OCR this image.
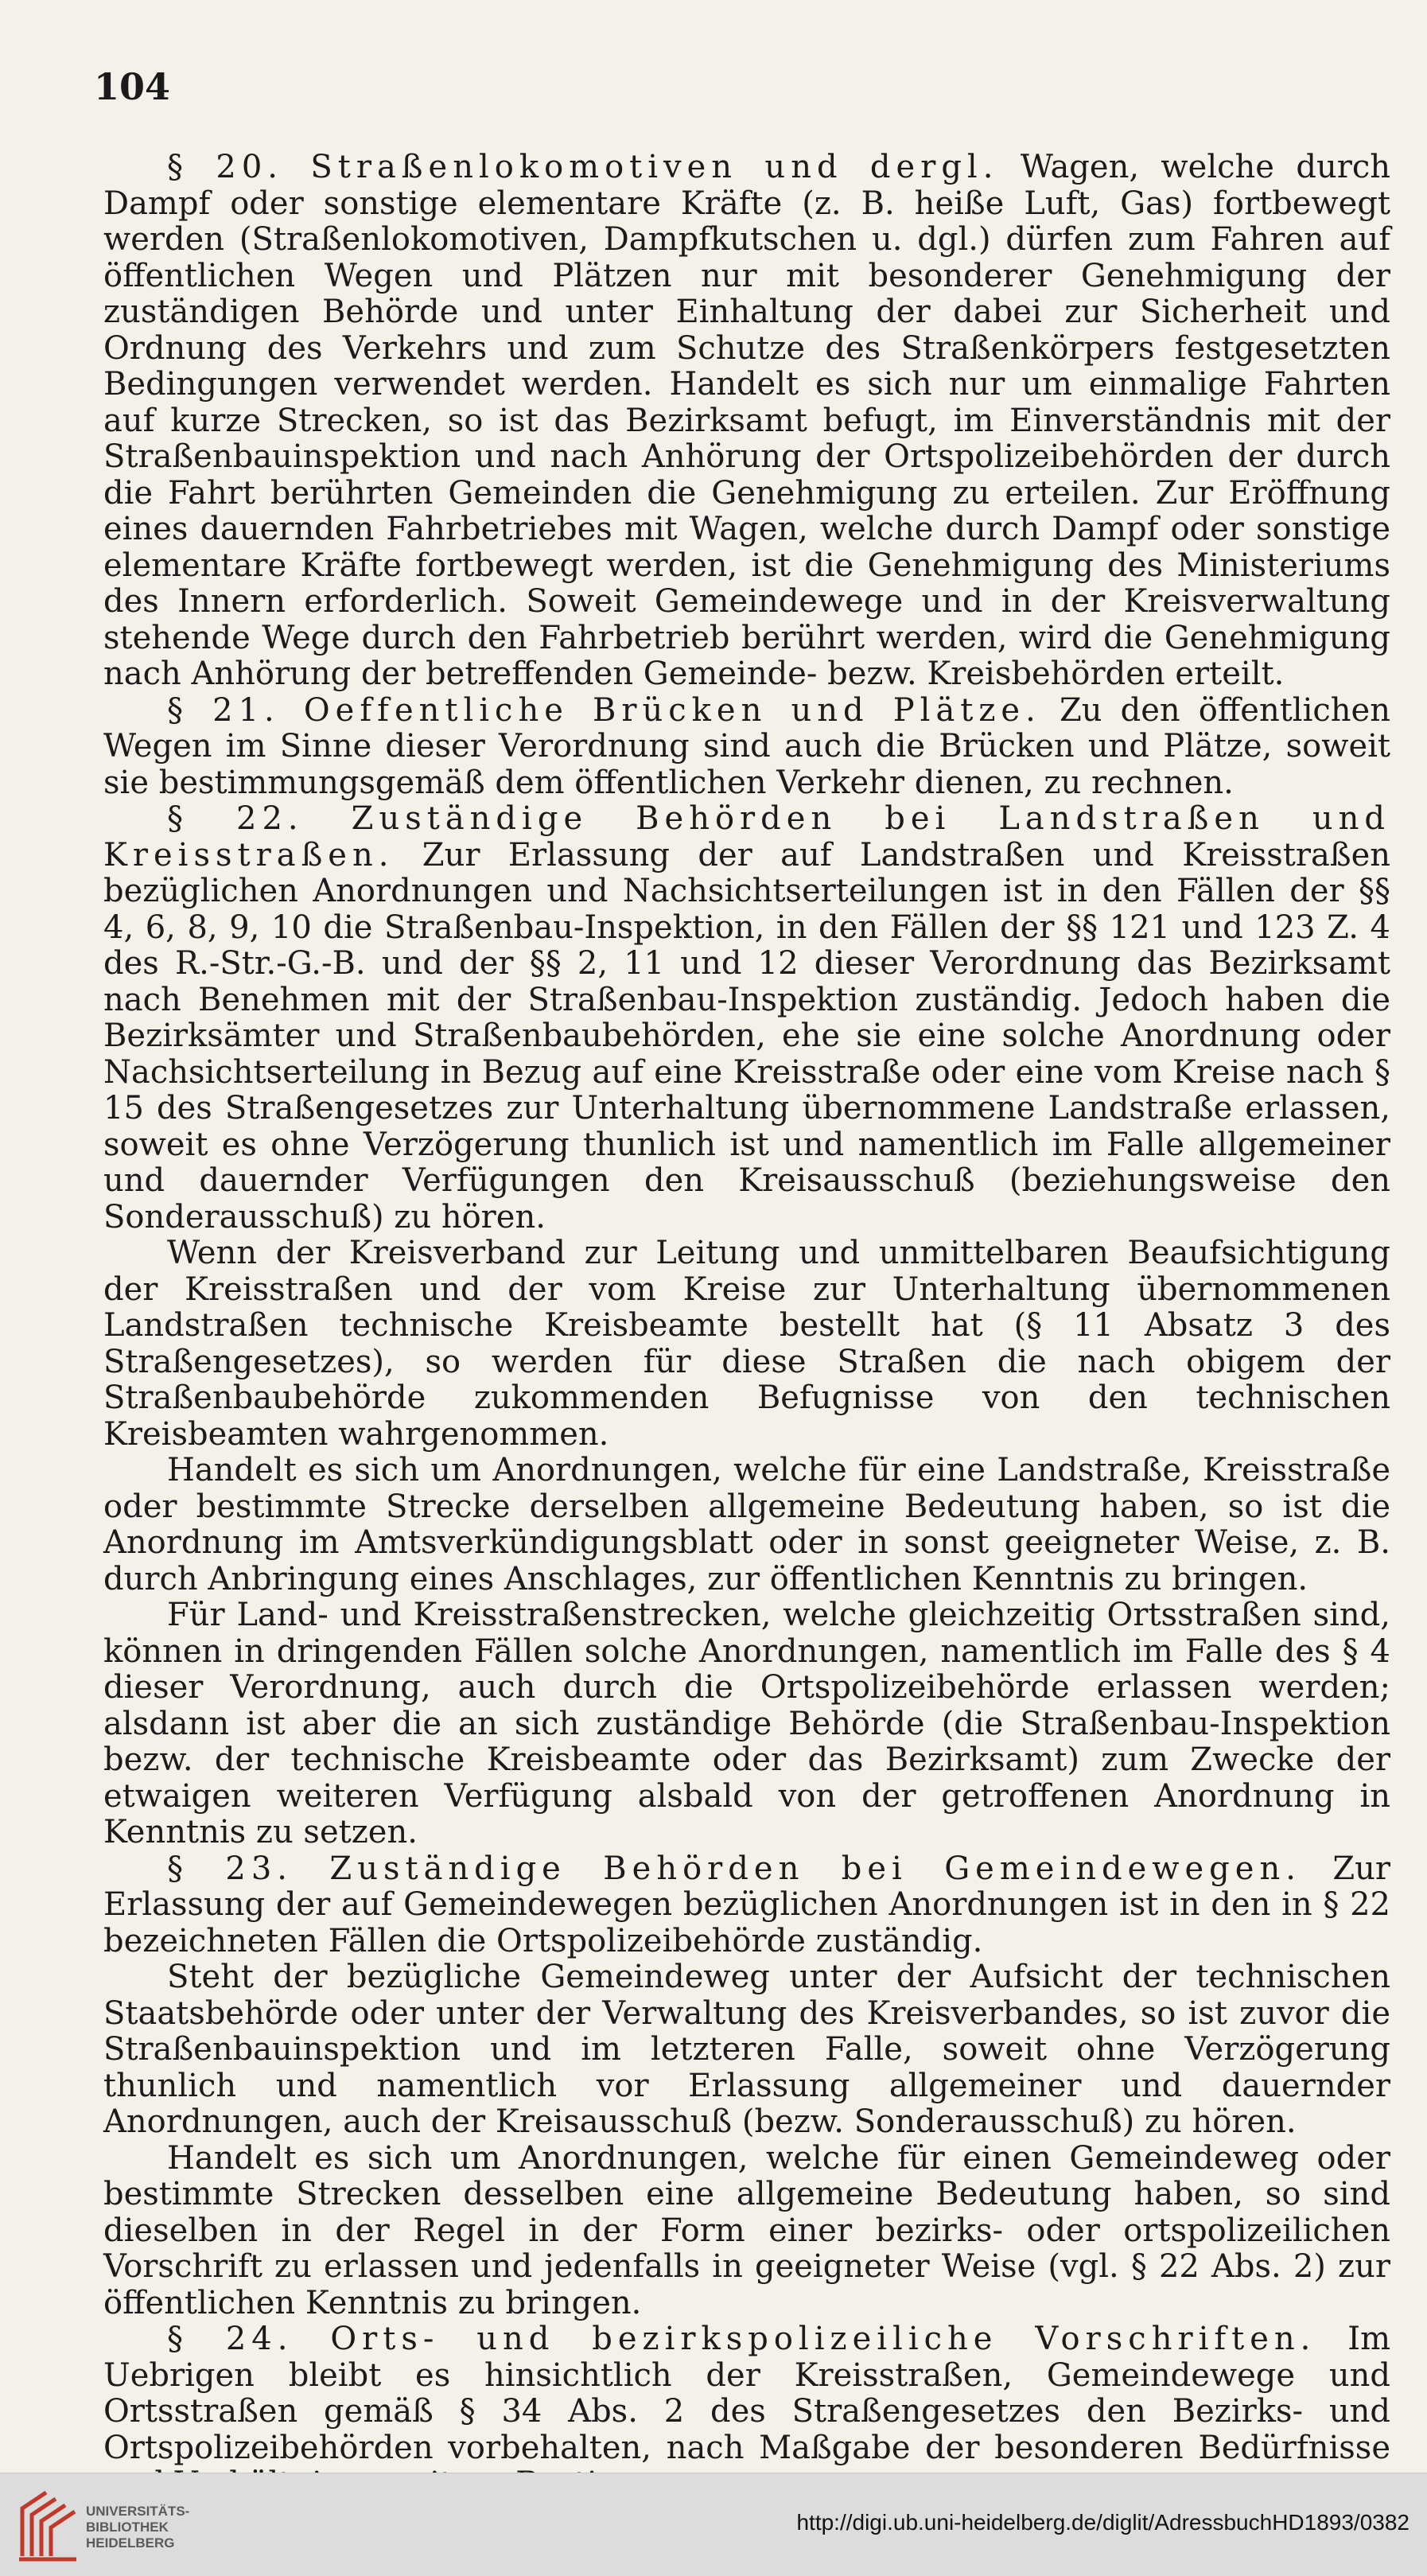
104

§ 20. Straßenlokomotiven und dergl. Wagen, welche durch Dampf oder sonstige elementare Kräfte (z. B. heiße Luft, Gas) fortbewegt werden (Straßenlokomotiven, Dampfkutschen u. dgl.) dürfen zum Fahren auf öffentlichen Wegen und Plätzen nur mit besonderer Genehmigung der zuständigen Behörde und unter Einhaltung der dabei zur Sicherheit und Ordnung des Verkehrs und zum Schutze des Straßenkörpers festgesetzten Bedingungen verwendet werden. Handelt es sich nur um einmalige Fahrten auf kurze Strecken, so ist das Bezirksamt befugt, im Einverständnis mit der Straßenbauinspektion und nach Anhörung der Ortspolizeibehörden der durch die Fahrt berührten Gemeinden die Genehmigung zu erteilen. Zur Eröffnung eines dauernden Fahrbetriebes mit Wagen, welche durch Dampf oder sonstige elementare Kräfte fortbewegt werden, ist die Genehmigung des Ministeriums des Innern erforderlich. Soweit Gemeindewege und in der Kreisverwaltung stehende Wege durch den Fahrbetrieb berührt werden, wird die Genehmigung nach Anhörung der betreffenden Gemeinde- bezw. Kreisbehörden erteilt.

§ 21. Oeffentliche Brücken und Plätze. Zu den öffentlichen Wegen im Sinne dieser Verordnung sind auch die Brücken und Plätze, soweit sie bestimmungsgemäß dem öffentlichen Verkehr dienen, zu rechnen.

§ 22. Zuständige Behörden bei Landstraßen und Kreisstraßen. Zur Erlassung der auf Landstraßen und Kreisstraßen bezüglichen Anordnungen und Nachsichtserteilungen ist in den Fällen der §§ 4, 6, 8, 9, 10 die Straßenbau-Inspektion, in den Fällen der §§ 121 und 123 Z. 4 des R.-Str.-G.-B. und der §§ 2, 11 und 12 dieser Verordnung das Bezirksamt nach Benehmen mit der Straßenbau-Inspektion zuständig. Jedoch haben die Bezirksämter und Straßenbaubehörden, ehe sie eine solche Anordnung oder Nachsichtserteilung in Bezug auf eine Kreisstraße oder eine vom Kreise nach § 15 des Straßengesetzes zur Unterhaltung übernommene Landstraße erlassen, soweit es ohne Verzögerung thunlich ist und namentlich im Falle allgemeiner und dauernder Verfügungen den Kreisausschuß (beziehungsweise den Sonderausschuß) zu hören.

Wenn der Kreisverband zur Leitung und unmittelbaren Beaufsichtigung der Kreisstraßen und der vom Kreise zur Unterhaltung übernommenen Landstraßen technische Kreisbeamte bestellt hat (§ 11 Absatz 3 des Straßengesetzes), so werden für diese Straßen die nach obigem der Straßenbaubehörde zukommenden Befugnisse von den technischen Kreisbeamten wahrgenommen.

Handelt es sich um Anordnungen, welche für eine Landstraße, Kreisstraße oder bestimmte Strecke derselben allgemeine Bedeutung haben, so ist die Anordnung im Amtsverkündigungsblatt oder in sonst geeigneter Weise, z. B. durch Anbringung eines Anschlages, zur öffentlichen Kenntnis zu bringen.

Für Land- und Kreisstraßenstrecken, welche gleichzeitig Ortsstraßen sind, können in dringenden Fällen solche Anordnungen, namentlich im Falle des § 4 dieser Verordnung, auch durch die Ortspolizeibehörde erlassen werden; alsdann ist aber die an sich zuständige Behörde (die Straßenbau-Inspektion bezw. der technische Kreisbeamte oder das Bezirksamt) zum Zwecke der etwaigen weiteren Verfügung alsbald von der getroffenen Anordnung in Kenntnis zu setzen.

§ 23. Zuständige Behörden bei Gemeindewegen. Zur Erlassung der auf Gemeindewegen bezüglichen Anordnungen ist in den in § 22 bezeichneten Fällen die Ortspolizeibehörde zuständig.

Steht der bezügliche Gemeindeweg unter der Aufsicht der technischen Staatsbehörde oder unter der Verwaltung des Kreisverbandes, so ist zuvor die Straßenbauinspektion und im letzteren Falle, soweit ohne Verzögerung thunlich und namentlich vor Erlassung allgemeiner und dauernder Anordnungen, auch der Kreisausschuß (bezw. Sonderausschuß) zu hören.

Handelt es sich um Anordnungen, welche für einen Gemeindeweg oder bestimmte Strecken desselben eine allgemeine Bedeutung haben, so sind dieselben in der Regel in der Form einer bezirks- oder ortspolizeilichen Vorschrift zu erlassen und jedenfalls in geeigneter Weise (vgl. § 22 Abs. 2) zur öffentlichen Kenntnis zu bringen.

§ 24. Orts- und bezirkspolizeiliche Vorschriften. Im Uebrigen bleibt es hinsichtlich der Kreisstraßen, Gemeindewege und Ortsstraßen gemäß § 34 Abs. 2 des Straßengesetzes den Bezirks- und Ortspolizeibehörden vorbehalten, nach Maßgabe der besonderen Bedürfnisse

UNIVERSITÄTS-
BIBLIOTHEK
HEIDELBERG
http://digi.ub.uni-heidelberg.de/diglit/AdressbuchHD1893/0382
